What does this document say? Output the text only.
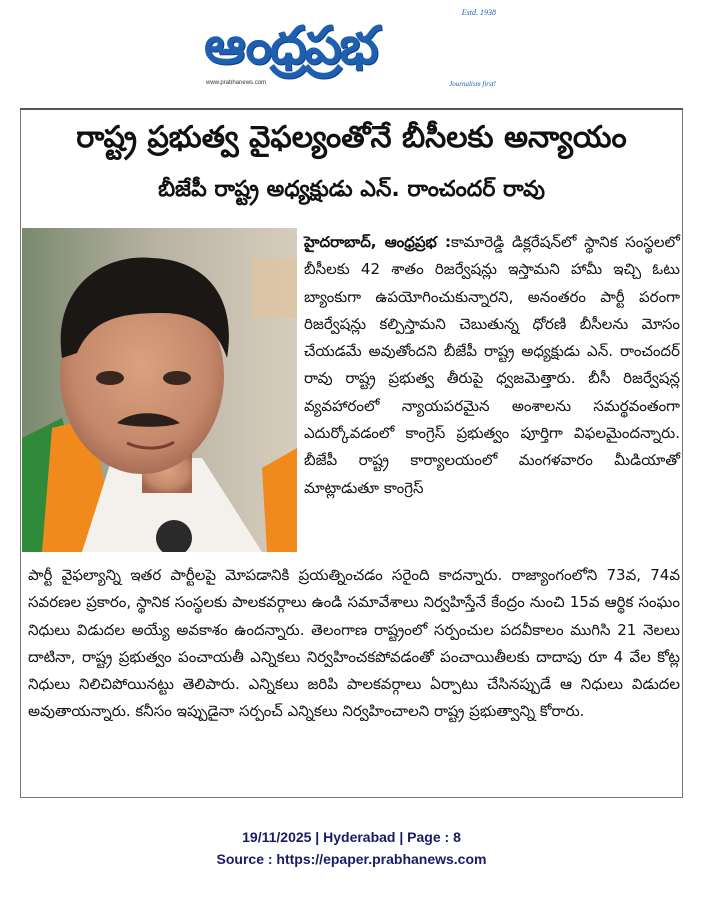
ఆంధ్రప్రభ
Estd. 1938
www.prabhanews.com	Journalism first!
రాష్ట్ర ప్రభుత్వ వైఫల్యంతోనే బీసీలకు అన్యాయం
బీజేపీ రాష్ట్ర అధ్యక్షుడు ఎన్. రాంచందర్ రావు
హైదరాబాద్, ఆంధ్రప్రభ :కామారెడ్డి డిక్లరేషన్‌లో స్థానిక సంస్థలలో బీసీలకు 42 శాతం రిజర్వేషన్లు ఇస్తామని హామీ ఇచ్చి ఓటు బ్యాంకుగా ఉపయోగించుకున్నారని, అనంతరం పార్టీ పరంగా రిజర్వేషన్లు కల్పిస్తామని చెబుతున్న ధోరణి బీసీలను మోసం చేయడమే అవుతోందని బీజేపీ రాష్ట్ర అధ్యక్షుడు ఎన్. రాంచందర్ రావు రాష్ట్ర ప్రభుత్వ తీరుపై ధ్వజమెత్తారు. బీసీ రిజర్వేషన్ల వ్యవహారంలో న్యాయపరమైన అంశాలను సమర్థవంతంగా ఎదుర్కోవడంలో కాంగ్రెస్ ప్రభుత్వం పూర్తిగా విఫలమైందన్నారు. బీజేపీ రాష్ట్ర కార్యాలయంలో మంగళవారం మీడియాతో మాట్లాడుతూ కాంగ్రెస్
పార్టీ వైఫల్యాన్ని ఇతర పార్టీలపై మోపడానికి ప్రయత్నించడం సరైంది కాదన్నారు. రాజ్యాంగంలోని 73వ, 74వ సవరణల ప్రకారం, స్థానిక సంస్థలకు పాలకవర్గాలు ఉండి సమావేశాలు నిర్వహిస్తేనే కేంద్రం నుంచి 15వ ఆర్థిక సంఘం నిధులు విడుదల అయ్యే అవకాశం ఉందన్నారు. తెలంగాణ రాష్ట్రంలో సర్పంచుల పదవీకాలం ముగిసి 21 నెలలు దాటినా, రాష్ట్ర ప్రభుత్వం పంచాయతీ ఎన్నికలు నిర్వహించకపోవడంతో పంచాయితీలకు దాదాపు రూ 4 వేల కోట్ల నిధులు నిలిచిపోయినట్టు తెలిపారు. ఎన్నికలు జరిపి పాలకవర్గాలు ఏర్పాటు చేసినప్పుడే ఆ నిధులు విడుదల అవుతాయన్నారు. కనీసం ఇప్పుడైనా సర్పంచ్ ఎన్నికలు నిర్వహించాలని రాష్ట్ర ప్రభుత్వాన్ని కోరారు.
19/11/2025 | Hyderabad | Page : 8
Source : https://epaper.prabhanews.com
